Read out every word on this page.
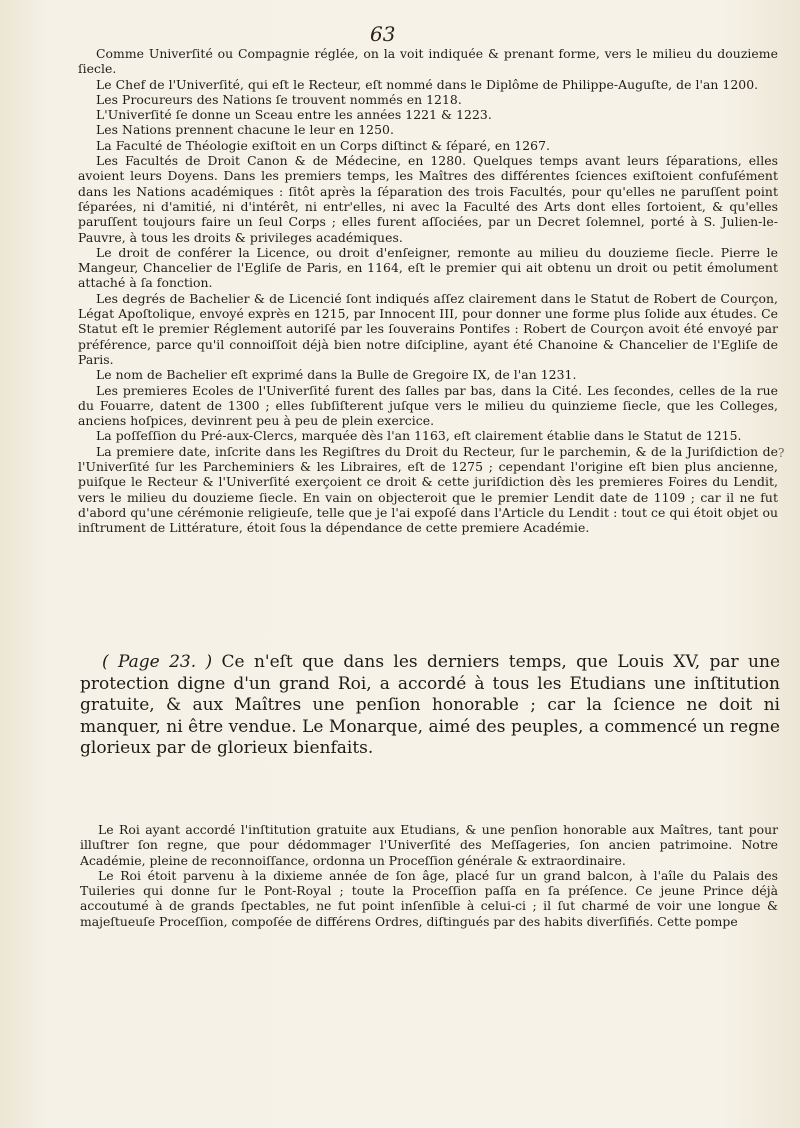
63

Comme Univerſité ou Compagnie réglée, on la voit indiquée & prenant forme, vers le milieu du douzieme ſiecle.

Le Chef de l'Univerſité, qui eſt le Recteur, eſt nommé dans le Diplôme de Philippe-Auguſte, de l'an 1200.

Les Procureurs des Nations ſe trouvent nommés en 1218.

L'Univerſité ſe donne un Sceau entre les années 1221 & 1223.

Les Nations prennent chacune le leur en 1250.

La Faculté de Théologie exiſtoit en un Corps diſtinct & ſéparé, en 1267.

Les Facultés de Droit Canon & de Médecine, en 1280. Quelques temps avant leurs ſéparations, elles avoient leurs Doyens. Dans les premiers temps, les Maîtres des différentes ſciences exiſtoient confuſément dans les Nations académiques : ſitôt après la ſéparation des trois Facultés, pour qu'elles ne paruſſent point ſéparées, ni d'amitié, ni d'intérêt, ni entr'elles, ni avec la Faculté des Arts dont elles ſortoient, & qu'elles paruſſent toujours faire un ſeul Corps ; elles furent aſſociées, par un Decret ſolemnel, porté à S. Julien-le-Pauvre, à tous les droits & privileges académiques.

Le droit de conférer la Licence, ou droit d'enſeigner, remonte au milieu du douzieme ſiecle. Pierre le Mangeur, Chancelier de l'Egliſe de Paris, en 1164, eſt le premier qui ait obtenu un droit ou petit émolument attaché à ſa fonction.

Les degrés de Bachelier & de Licencié ſont indiqués aſſez clairement dans le Statut de Robert de Courçon, Légat Apoſtolique, envoyé exprès en 1215, par Innocent III, pour donner une forme plus ſolide aux études. Ce Statut eſt le premier Réglement autoriſé par les ſouverains Pontifes : Robert de Courçon avoit été envoyé par préférence, parce qu'il connoiſſoit déjà bien notre diſcipline, ayant été Chanoine & Chancelier de l'Egliſe de Paris.

Le nom de Bachelier eſt exprimé dans la Bulle de Gregoire IX, de l'an 1231.

Les premieres Ecoles de l'Univerſité furent des ſalles par bas, dans la Cité. Les ſecondes, celles de la rue du Fouarre, datent de 1300 ; elles ſubſiſterent juſque vers le milieu du quinzieme ſiecle, que les Colleges, anciens hoſpices, devinrent peu à peu de plein exercice.

La poſſeſſion du Pré-aux-Clercs, marquée dès l'an 1163, eſt clairement établie dans le Statut de 1215.

La premiere date, inſcrite dans les Regiſtres du Droit du Recteur, ſur le parchemin, & de la Juriſdiction de l'Univerſité ſur les Parcheminiers & les Libraires, eſt de 1275 ; cependant l'origine eſt bien plus ancienne, puiſque le Recteur & l'Univerſité exerçoient ce droit & cette juriſdiction dès les premieres Foires du Lendit, vers le milieu du douzieme ſiecle. En vain on objecteroit que le premier Lendit date de 1109 ; car il ne fut d'abord qu'une cérémonie religieuſe, telle que je l'ai expoſé dans l'Article du Lendit : tout ce qui étoit objet ou inſtrument de Littérature, étoit ſous la dépendance de cette premiere Académie.

( Page 23. ) Ce n'eſt que dans les derniers temps, que Louis XV, par une protection digne d'un grand Roi, a accordé à tous les Etudians une inſtitution gratuite, & aux Maîtres une penſion honorable ; car la ſcience ne doit ni manquer, ni être vendue. Le Monarque, aimé des peuples, a commencé un regne glorieux par de glorieux bienfaits.

Le Roi ayant accordé l'inſtitution gratuite aux Etudians, & une penſion honorable aux Maîtres, tant pour illuſtrer ſon regne, que pour dédommager l'Univerſité des Meſſageries, ſon ancien patrimoine. Notre Académie, pleine de reconnoiſſance, ordonna un Proceſſion générale & extraordinaire.

Le Roi étoit parvenu à la dixieme année de ſon âge, placé ſur un grand balcon, à l'aîle du Palais des Tuileries qui donne ſur le Pont-Royal ; toute la Proceſſion paſſa en ſa préſence. Ce jeune Prince déjà accoutumé à de grands ſpectables, ne fut point inſenſible à celui-ci ; il ſut charmé de voir une longue & majeſtueuſe Proceſſion, compoſée de différens Ordres, diſtingués par des habits diverſifiés. Cette pompe

?
